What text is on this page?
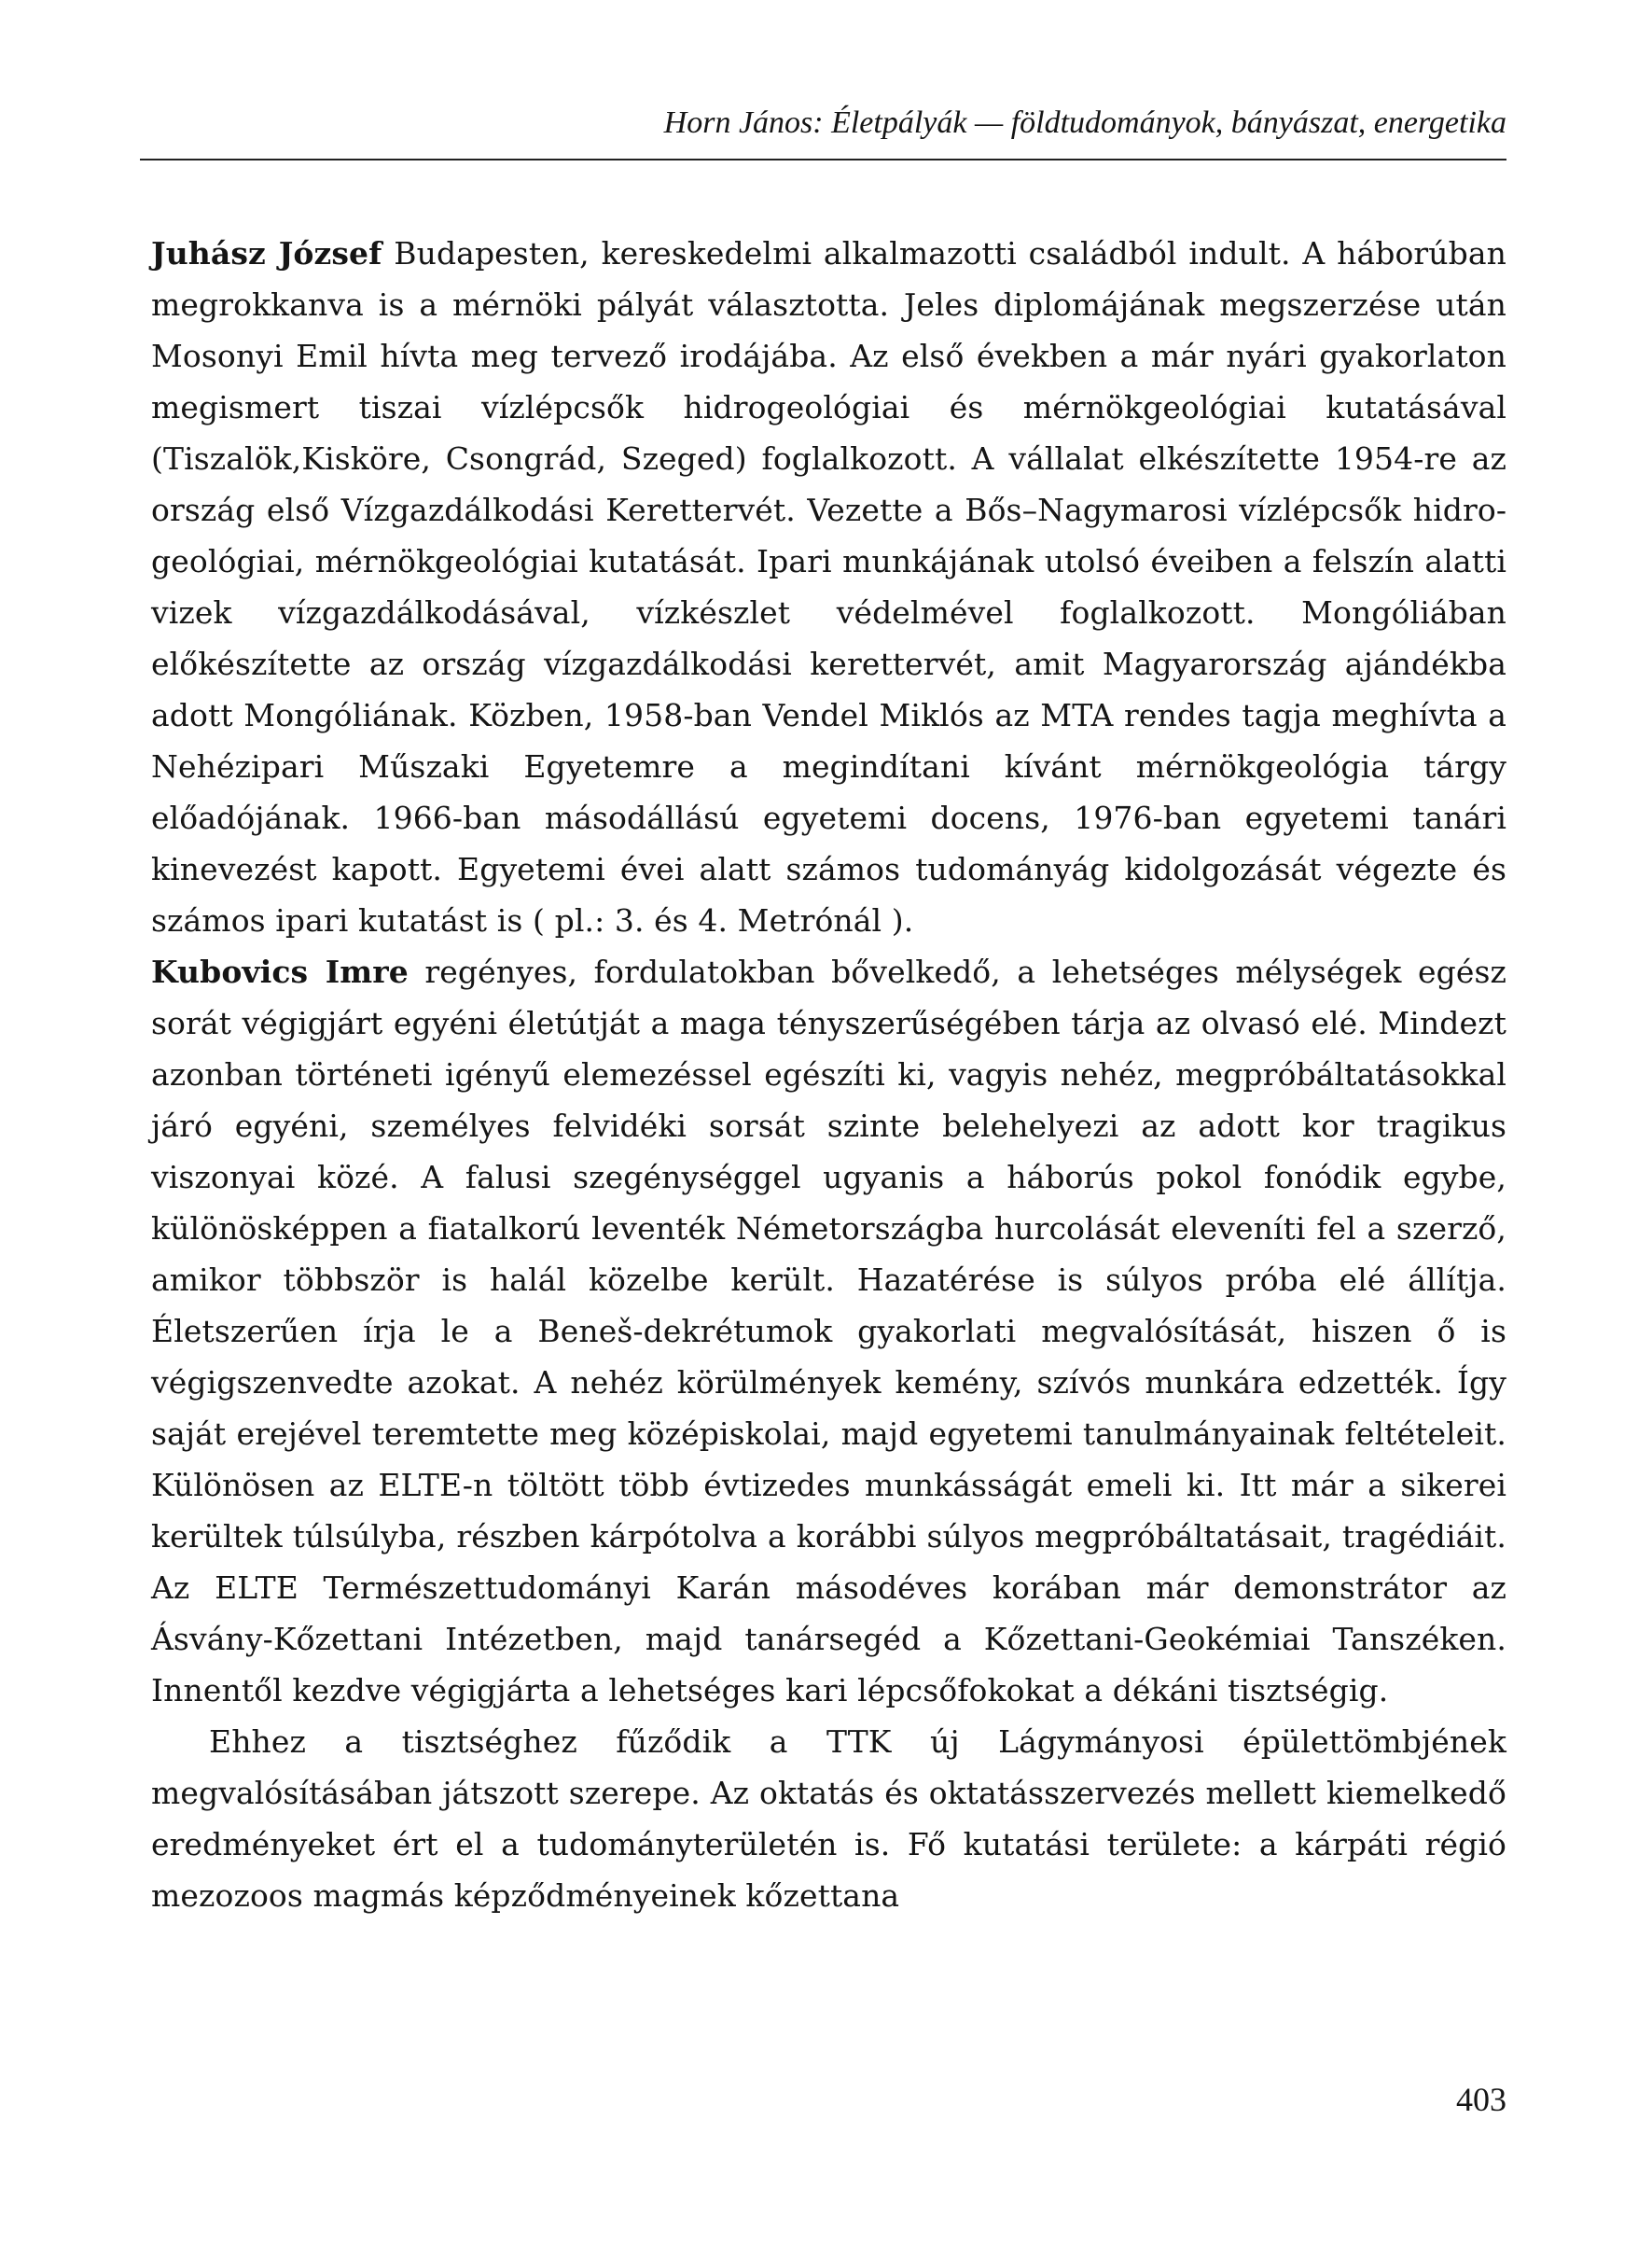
Horn János: Életpályák — földtudományok, bányászat, energetika

Juhász József Budapesten, kereskedelmi alkalmazotti családból indult. A háborúban megrokkanva is a mérnöki pályát választotta. Jeles diplomájának megszerzése után Mosonyi Emil hívta meg tervező irodájába. Az első években a már nyári gyakorlaton megismert tiszai vízlépcsők hidrogeológiai és mérnökgeológiai kutatásával (Tiszalök,Kisköre, Csongrád, Szeged) foglalkozott. A vállalat elkészítette 1954-re az ország első Vízgazdálkodási Kerettervét. Vezette a Bős–Nagymarosi vízlépcsők hidrogeológiai, mérnökgeológiai kutatását. Ipari munkájának utolsó éveiben a felszín alatti vizek vízgazdálkodásával, vízkészlet védelmével foglalkozott. Mongóliában előkészítette az ország vízgazdálkodási kerettervét, amit Magyarország ajándékba adott Mongóliának. Közben, 1958-ban Vendel Miklós az MTA rendes tagja meghívta a Nehézipari Műszaki Egyetemre a megindítani kívánt mérnökgeológia tárgy előadójának. 1966-ban másodállású egyetemi docens, 1976-ban egyetemi tanári kinevezést kapott. Egyetemi évei alatt számos tudományág kidolgozását végezte és számos ipari kutatást is ( pl.: 3. és 4. Metrónál ).

Kubovics Imre regényes, fordulatokban bővelkedő, a lehetséges mélységek egész sorát végigjárt egyéni életútját a maga tényszerűségében tárja az olvasó elé. Mindezt azonban történeti igényű elemezéssel egészíti ki, vagyis nehéz, megpróbáltatásokkal járó egyéni, személyes felvidéki sorsát szinte belehelyezi az adott kor tragikus viszonyai közé. A falusi szegénységgel ugyanis a háborús pokol fonódik egybe, különösképpen a fiatalkorú leventék Németországba hurcolását eleveníti fel a szerző, amikor többször is halál közelbe került. Hazatérése is súlyos próba elé állítja. Életszerűen írja le a Beneš-dekrétumok gyakorlati megvalósítását, hiszen ő is végigszenvedte azokat. A nehéz körülmények kemény, szívós munkára edzették. Így saját erejével teremtette meg középiskolai, majd egyetemi tanulmányainak feltételeit. Különösen az ELTE-n töltött több évtizedes munkásságát emeli ki. Itt már a sikerei kerültek túlsúlyba, részben kárpótolva a korábbi súlyos megpróbáltatásait, tragédiáit. Az ELTE Természettudományi Karán másodéves korában már demonstrátor az Ásvány-Kőzettani Intézetben, majd tanársegéd a Kőzettani-Geokémiai Tanszéken. Innentől kezdve végigjárta a lehetséges kari lépcsőfokokat a dékáni tisztségig.

Ehhez a tisztséghez fűződik a TTK új Lágymányosi épülettömbjének megvalósításában játszott szerepe. Az oktatás és oktatásszervezés mellett kiemelkedő eredményeket ért el a tudományterületén is. Fő kutatási területe: a kárpáti régió mezozoos magmás képződményeinek kőzettana

403
